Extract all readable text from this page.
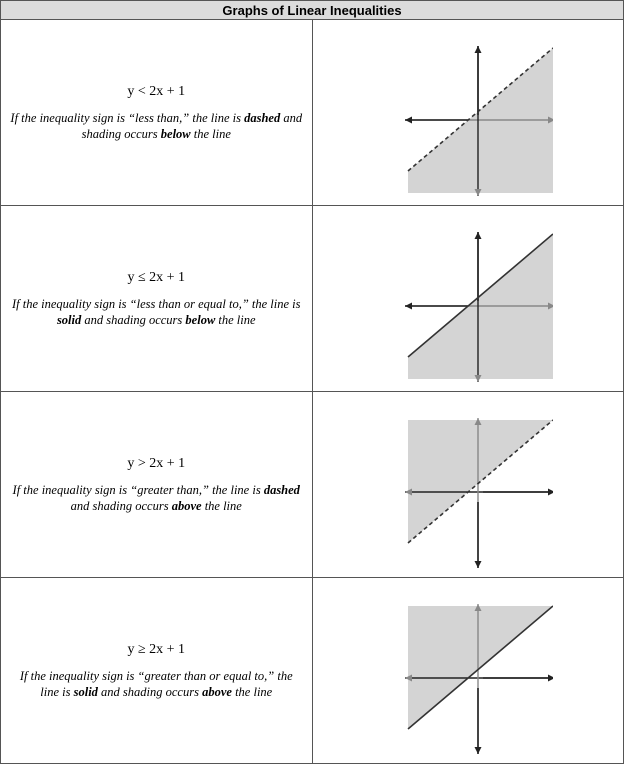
Graphs of Linear Inequalities	

y < 2x + 1
If the inequality sign is “less than,” the line is dashed and shading occurs below the line

y ≤ 2x + 1
If the inequality sign is “less than or equal to,” the line is solid and shading occurs below the line

y > 2x + 1
If the inequality sign is “greater than,” the line is dashed and shading occurs above the line

y ≥ 2x + 1
If the inequality sign is “greater than or equal to,” the line is solid and shading occurs above the line
